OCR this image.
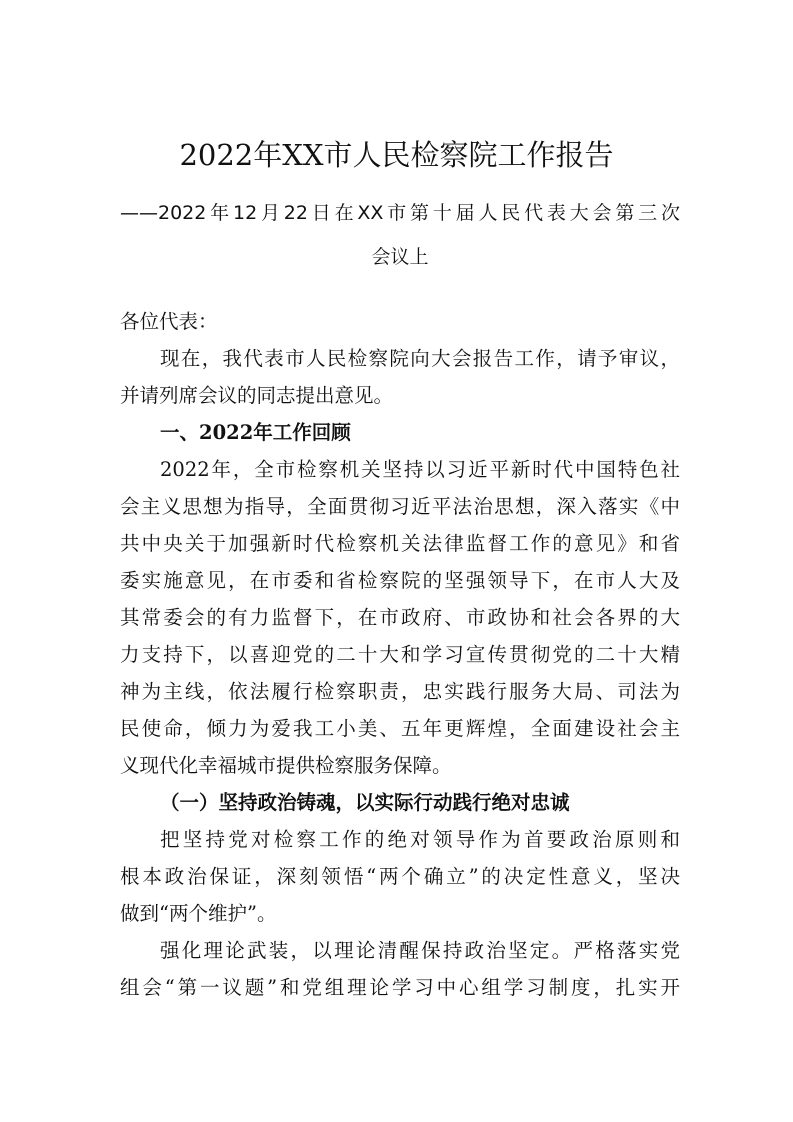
2022年XX市人民检察院工作报告
——2022年12月22日在XX市第十届人民代表大会第三次
会议上
各位代表：
现在，我代表市人民检察院向大会报告工作，请予审议，
并请列席会议的同志提出意见。
一、2022年工作回顾
2022年，全市检察机关坚持以习近平新时代中国特色社
会主义思想为指导，全面贯彻习近平法治思想，深入落实《中
共中央关于加强新时代检察机关法律监督工作的意见》和省
委实施意见，在市委和省检察院的坚强领导下，在市人大及
其常委会的有力监督下，在市政府、市政协和社会各界的大
力支持下，以喜迎党的二十大和学习宣传贯彻党的二十大精
神为主线，依法履行检察职责，忠实践行服务大局、司法为
民使命，倾力为爱我工小美、五年更辉煌，全面建设社会主
义现代化幸福城市提供检察服务保障。
（一）坚持政治铸魂，以实际行动践行绝对忠诚
把坚持党对检察工作的绝对领导作为首要政治原则和
根本政治保证，深刻领悟“两个确立”的决定性意义，坚决
做到“两个维护”。
强化理论武装，以理论清醒保持政治坚定。严格落实党
组会“第一议题”和党组理论学习中心组学习制度，扎实开
